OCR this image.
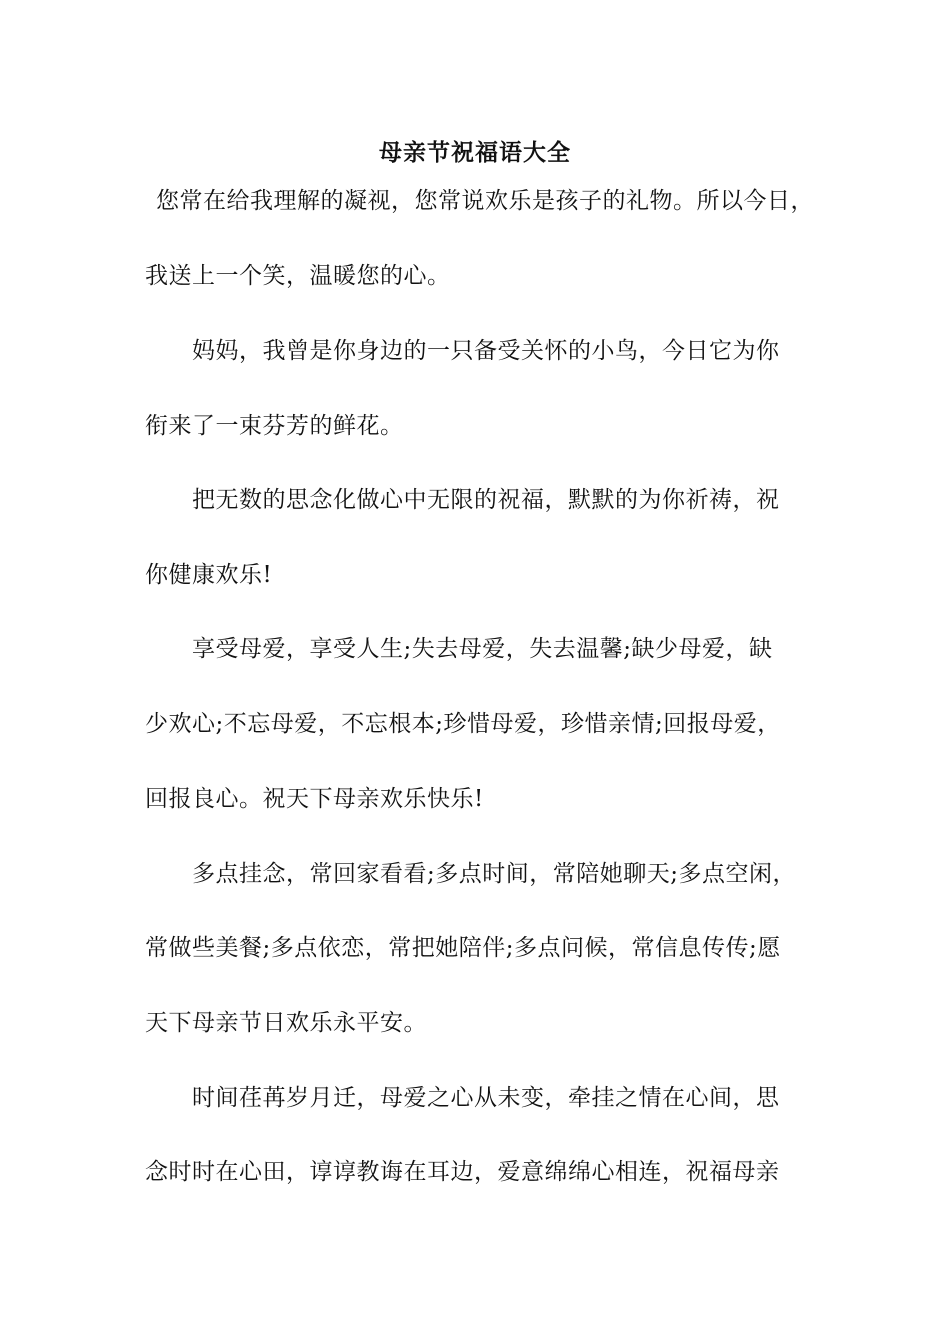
母亲节祝福语大全
您常在给我理解的凝视，您常说欢乐是孩子的礼物。所以今日，
我送上一个笑，温暖您的心。
妈妈，我曾是你身边的一只备受关怀的小鸟，今日它为你
衔来了一束芬芳的鲜花。
把无数的思念化做心中无限的祝福，默默的为你祈祷，祝
你健康欢乐!
享受母爱，享受人生;失去母爱，失去温馨;缺少母爱，缺
少欢心;不忘母爱，不忘根本;珍惜母爱，珍惜亲情;回报母爱，
回报良心。祝天下母亲欢乐快乐!
多点挂念，常回家看看;多点时间，常陪她聊天;多点空闲，
常做些美餐;多点依恋，常把她陪伴;多点问候，常信息传传;愿
天下母亲节日欢乐永平安。
时间荏苒岁月迁，母爱之心从未变，牵挂之情在心间，思
念时时在心田，谆谆教诲在耳边，爱意绵绵心相连，祝福母亲
